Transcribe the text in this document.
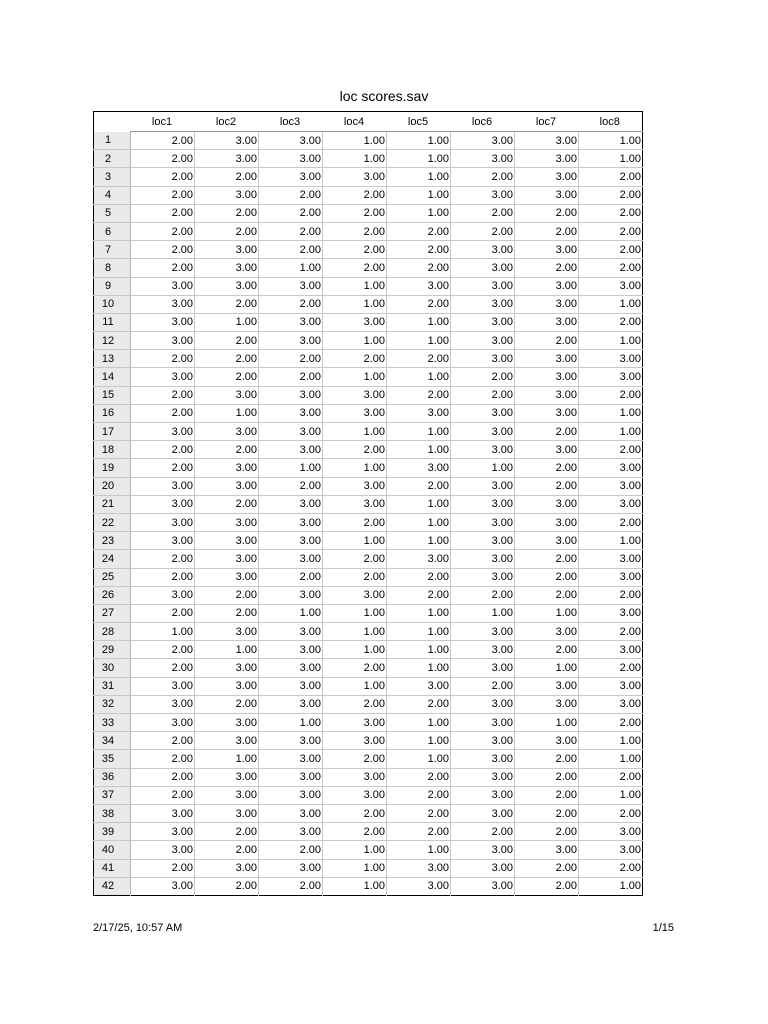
loc scores.sav
	loc1	loc2	loc3	loc4	loc5	loc6	loc7	loc8
1	2.00	3.00	3.00	1.00	1.00	3.00	3.00	1.00
2	2.00	3.00	3.00	1.00	1.00	3.00	3.00	1.00
3	2.00	2.00	3.00	3.00	1.00	2.00	3.00	2.00
4	2.00	3.00	2.00	2.00	1.00	3.00	3.00	2.00
5	2.00	2.00	2.00	2.00	1.00	2.00	2.00	2.00
6	2.00	2.00	2.00	2.00	2.00	2.00	2.00	2.00
7	2.00	3.00	2.00	2.00	2.00	3.00	3.00	2.00
8	2.00	3.00	1.00	2.00	2.00	3.00	2.00	2.00
9	3.00	3.00	3.00	1.00	3.00	3.00	3.00	3.00
10	3.00	2.00	2.00	1.00	2.00	3.00	3.00	1.00
11	3.00	1.00	3.00	3.00	1.00	3.00	3.00	2.00
12	3.00	2.00	3.00	1.00	1.00	3.00	2.00	1.00
13	2.00	2.00	2.00	2.00	2.00	3.00	3.00	3.00
14	3.00	2.00	2.00	1.00	1.00	2.00	3.00	3.00
15	2.00	3.00	3.00	3.00	2.00	2.00	3.00	2.00
16	2.00	1.00	3.00	3.00	3.00	3.00	3.00	1.00
17	3.00	3.00	3.00	1.00	1.00	3.00	2.00	1.00
18	2.00	2.00	3.00	2.00	1.00	3.00	3.00	2.00
19	2.00	3.00	1.00	1.00	3.00	1.00	2.00	3.00
20	3.00	3.00	2.00	3.00	2.00	3.00	2.00	3.00
21	3.00	2.00	3.00	3.00	1.00	3.00	3.00	3.00
22	3.00	3.00	3.00	2.00	1.00	3.00	3.00	2.00
23	3.00	3.00	3.00	1.00	1.00	3.00	3.00	1.00
24	2.00	3.00	3.00	2.00	3.00	3.00	2.00	3.00
25	2.00	3.00	2.00	2.00	2.00	3.00	2.00	3.00
26	3.00	2.00	3.00	3.00	2.00	2.00	2.00	2.00
27	2.00	2.00	1.00	1.00	1.00	1.00	1.00	3.00
28	1.00	3.00	3.00	1.00	1.00	3.00	3.00	2.00
29	2.00	1.00	3.00	1.00	1.00	3.00	2.00	3.00
30	2.00	3.00	3.00	2.00	1.00	3.00	1.00	2.00
31	3.00	3.00	3.00	1.00	3.00	2.00	3.00	3.00
32	3.00	2.00	3.00	2.00	2.00	3.00	3.00	3.00
33	3.00	3.00	1.00	3.00	1.00	3.00	1.00	2.00
34	2.00	3.00	3.00	3.00	1.00	3.00	3.00	1.00
35	2.00	1.00	3.00	2.00	1.00	3.00	2.00	1.00
36	2.00	3.00	3.00	3.00	2.00	3.00	2.00	2.00
37	2.00	3.00	3.00	3.00	2.00	3.00	2.00	1.00
38	3.00	3.00	3.00	2.00	2.00	3.00	2.00	2.00
39	3.00	2.00	3.00	2.00	2.00	2.00	2.00	3.00
40	3.00	2.00	2.00	1.00	1.00	3.00	3.00	3.00
41	2.00	3.00	3.00	1.00	3.00	3.00	2.00	2.00
42	3.00	2.00	2.00	1.00	3.00	3.00	2.00	1.00
2/17/25, 10:57 AM	1/15
